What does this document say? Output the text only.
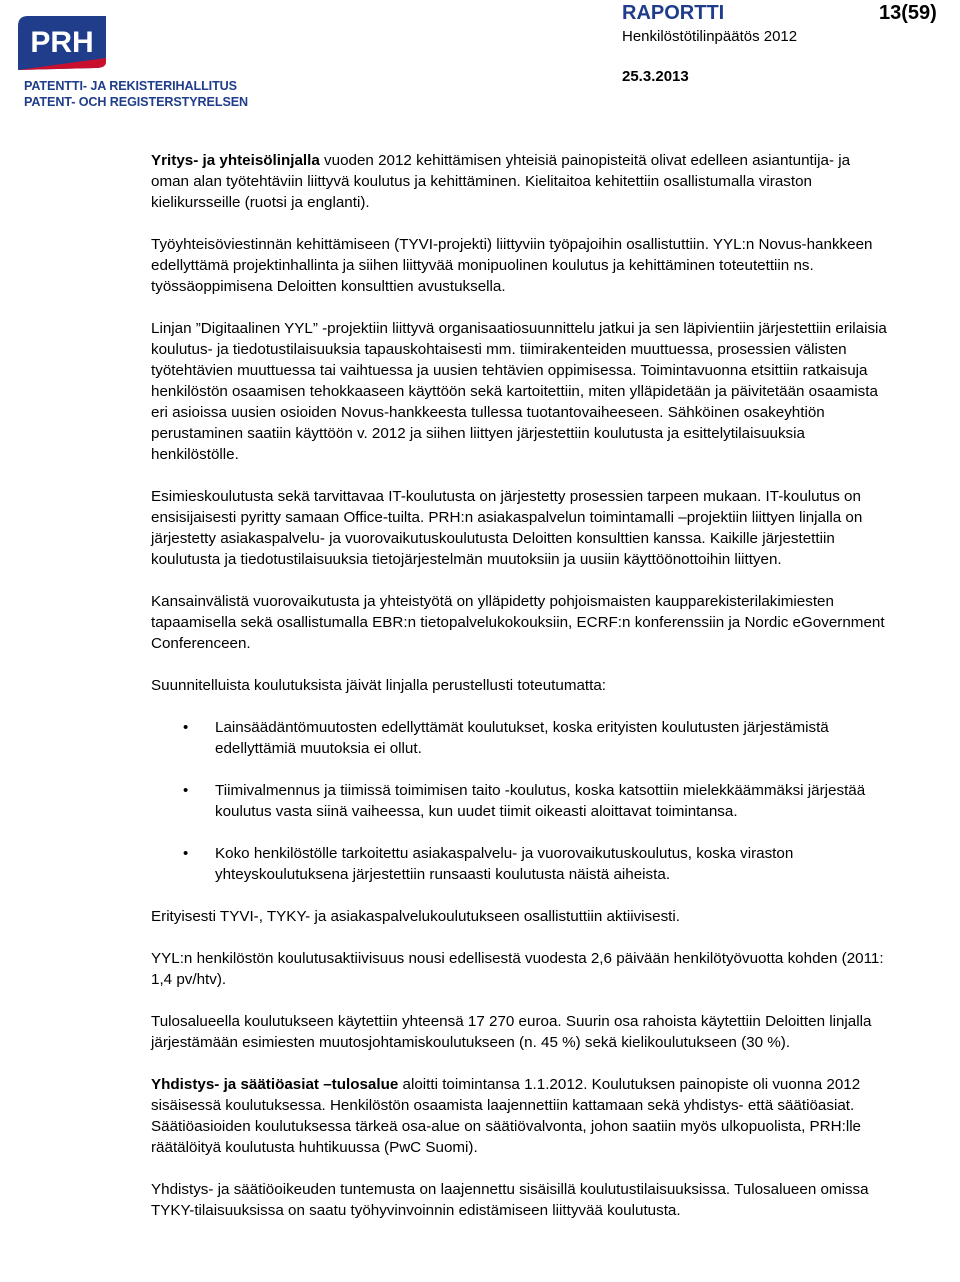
PRH
PATENTTI- JA REKISTERIHALLITUS
PATENT- OCH REGISTERSTYRELSEN
RAPORTTI	13(59)
Henkilöstötilinpäätös 2012
25.3.2013

Yritys- ja yhteisölinjalla vuoden 2012 kehittämisen yhteisiä painopisteitä olivat edelleen asiantuntija- ja oman alan työtehtäviin liittyvä koulutus ja kehittäminen. Kielitaitoa kehitettiin osallistumalla viraston kielikursseille (ruotsi ja englanti).

Työyhteisöviestinnän kehittämiseen (TYVI-projekti) liittyviin työpajoihin osallistuttiin. YYL:n Novus-hankkeen edellyttämä projektinhallinta ja siihen liittyvää monipuolinen koulutus ja kehittäminen toteutettiin ns. työssäoppimisena Deloitten konsulttien avustuksella.

Linjan ”Digitaalinen YYL” -projektiin liittyvä organisaatiosuunnittelu jatkui ja sen läpivientiin järjestettiin erilaisia koulutus- ja tiedotustilaisuuksia tapauskohtaisesti mm. tiimirakenteiden muuttuessa, prosessien välisten työtehtävien muuttuessa tai vaihtuessa ja uusien tehtävien oppimisessa. Toimintavuonna etsittiin ratkaisuja henkilöstön osaamisen tehokkaaseen käyttöön sekä kartoitettiin, miten ylläpidetään ja päivitetään osaamista eri asioissa uusien osioiden Novus-hankkeesta tullessa tuotantovaiheeseen. Sähköinen osakeyhtiön perustaminen saatiin käyttöön v. 2012 ja siihen liittyen järjestettiin koulutusta ja esittelytilaisuuksia henkilöstölle.

Esimieskoulutusta sekä tarvittavaa IT-koulutusta on järjestetty prosessien tarpeen mukaan. IT-koulutus on ensisijaisesti pyritty samaan Office-tuilta. PRH:n asiakaspalvelun toimintamalli –projektiin liittyen linjalla on järjestetty asiakaspalvelu- ja vuorovaikutuskoulutusta Deloitten konsulttien kanssa. Kaikille järjestettiin koulutusta ja tiedotustilaisuuksia tietojärjestelmän muutoksiin ja uusiin käyttöönottoihin liittyen.

Kansainvälistä vuorovaikutusta ja yhteistyötä on ylläpidetty pohjoismaisten kaupparekisterilakimiesten tapaamisella sekä osallistumalla EBR:n tietopalvelukokouksiin, ECRF:n konferenssiin ja Nordic eGovernment Conferenceen.

Suunnitelluista koulutuksista jäivät linjalla perustellusti toteutumatta:

• Lainsäädäntömuutosten edellyttämät koulutukset, koska erityisten koulutusten järjestämistä edellyttämiä muutoksia ei ollut.
• Tiimivalmennus ja tiimissä toimimisen taito -koulutus, koska katsottiin mielekkäämmäksi järjestää koulutus vasta siinä vaiheessa, kun uudet tiimit oikeasti aloittavat toimintansa.
• Koko henkilöstölle tarkoitettu asiakaspalvelu- ja vuorovaikutuskoulutus, koska viraston yhteyskoulutuksena järjestettiin runsaasti koulutusta näistä aiheista.

Erityisesti TYVI-, TYKY- ja asiakaspalvelukoulutukseen osallistuttiin aktiivisesti.

YYL:n henkilöstön koulutusaktiivisuus nousi edellisestä vuodesta 2,6 päivään henkilötyövuotta kohden (2011: 1,4 pv/htv).

Tulosalueella koulutukseen käytettiin yhteensä 17 270 euroa. Suurin osa rahoista käytettiin Deloitten linjalla järjestämään esimiesten muutosjohtamiskoulutukseen (n. 45 %) sekä kielikoulutukseen (30 %).

Yhdistys- ja säätiöasiat –tulosalue aloitti toimintansa 1.1.2012. Koulutuksen painopiste oli vuonna 2012 sisäisessä koulutuksessa. Henkilöstön osaamista laajennettiin kattamaan sekä yhdistys- että säätiöasiat. Säätiöasioiden koulutuksessa tärkeä osa-alue on säätiövalvonta, johon saatiin myös ulkopuolista, PRH:lle räätälöityä koulutusta huhtikuussa (PwC Suomi).

Yhdistys- ja säätiöoikeuden tuntemusta on laajennettu sisäisillä koulutustilaisuuksissa. Tulosalueen omissa TYKY-tilaisuuksissa on saatu työhyvinvoinnin edistämiseen liittyvää koulutusta.
